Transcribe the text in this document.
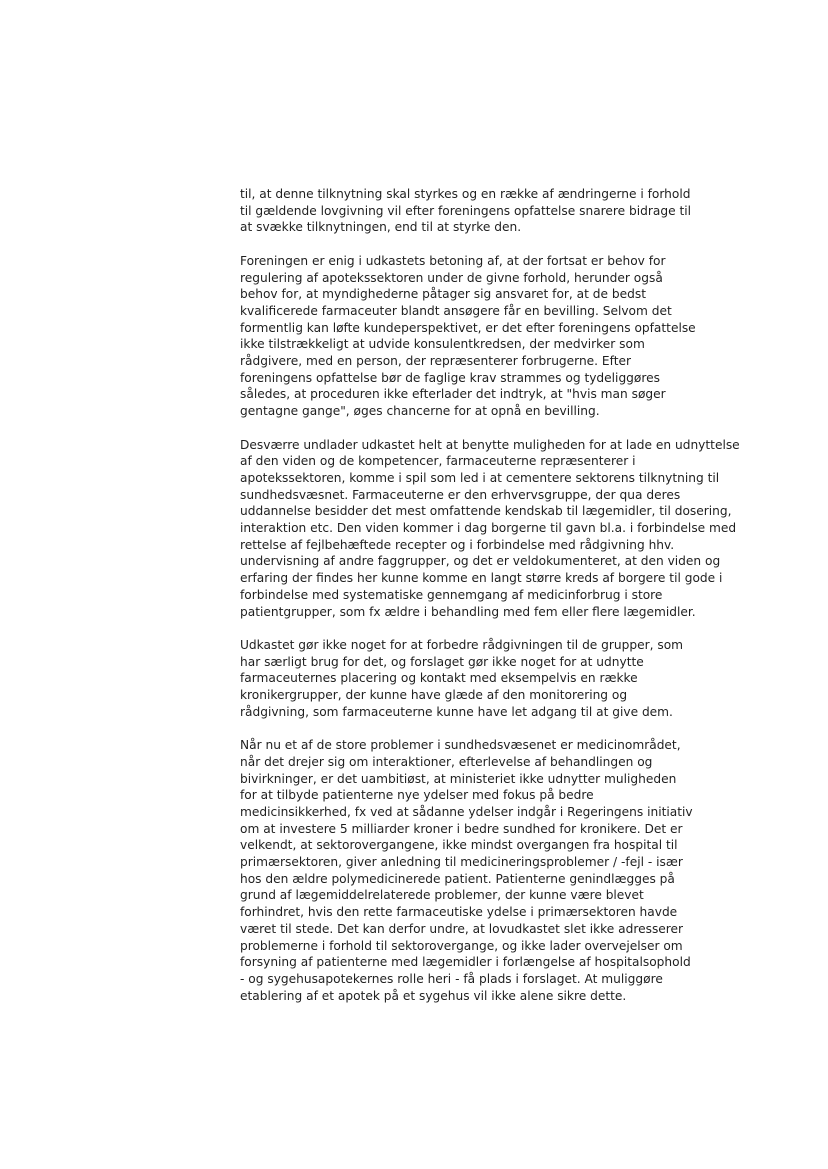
til, at denne tilknytning skal styrkes og en række af ændringerne i forhold
til gældende lovgivning vil efter foreningens opfattelse snarere bidrage til
at svække tilknytningen, end til at styrke den.
Foreningen er enig i udkastets betoning af, at der fortsat er behov for
regulering af apotekssektoren under de givne forhold, herunder også
behov for, at myndighederne påtager sig ansvaret for, at de bedst
kvalificerede farmaceuter blandt ansøgere får en bevilling. Selvom det
formentlig kan løfte kundeperspektivet, er det efter foreningens opfattelse
ikke tilstrækkeligt at udvide konsulentkredsen, der medvirker som
rådgivere, med en person, der repræsenterer forbrugerne. Efter
foreningens opfattelse bør de faglige krav strammes og tydeliggøres
således, at proceduren ikke efterlader det indtryk, at "hvis man søger
gentagne gange", øges chancerne for at opnå en bevilling.
Desværre undlader udkastet helt at benytte muligheden for at lade en udnyttelse
af den viden og de kompetencer, farmaceuterne repræsenterer i
apotekssektoren, komme i spil som led i at cementere sektorens tilknytning til
sundhedsvæsnet. Farmaceuterne er den erhvervsgruppe, der qua deres
uddannelse besidder det mest omfattende kendskab til lægemidler, til dosering,
interaktion etc. Den viden kommer i dag borgerne til gavn bl.a. i forbindelse med
rettelse af fejlbehæftede recepter og i forbindelse med rådgivning hhv.
undervisning af andre faggrupper, og det er veldokumenteret, at den viden og
erfaring der findes her kunne komme en langt større kreds af borgere til gode i
forbindelse med systematiske gennemgang af medicinforbrug i store
patientgrupper, som fx ældre i behandling med fem eller flere lægemidler.
Udkastet gør ikke noget for at forbedre rådgivningen til de grupper, som
har særligt brug for det, og forslaget gør ikke noget for at udnytte
farmaceuternes placering og kontakt med eksempelvis en række
kronikergrupper, der kunne have glæde af den monitorering og
rådgivning, som farmaceuterne kunne have let adgang til at give dem.
Når nu et af de store problemer i sundhedsvæsenet er medicinområdet,
når det drejer sig om interaktioner, efterlevelse af behandlingen og
bivirkninger, er det uambitiøst, at ministeriet ikke udnytter muligheden
for at tilbyde patienterne nye ydelser med fokus på bedre
medicinsikkerhed, fx ved at sådanne ydelser indgår i Regeringens initiativ
om at investere 5 milliarder kroner i bedre sundhed for kronikere. Det er
velkendt, at sektorovergangene, ikke mindst overgangen fra hospital til
primærsektoren, giver anledning til medicineringsproblemer / -fejl - især
hos den ældre polymedicinerede patient. Patienterne genindlægges på
grund af lægemiddelrelaterede problemer, der kunne være blevet
forhindret, hvis den rette farmaceutiske ydelse i primærsektoren havde
været til stede. Det kan derfor undre, at lovudkastet slet ikke adresserer
problemerne i forhold til sektorovergange, og ikke lader overvejelser om
forsyning af patienterne med lægemidler i forlængelse af hospitalsophold
- og sygehusapotekernes rolle heri - få plads i forslaget. At muliggøre
etablering af et apotek på et sygehus vil ikke alene sikre dette.
